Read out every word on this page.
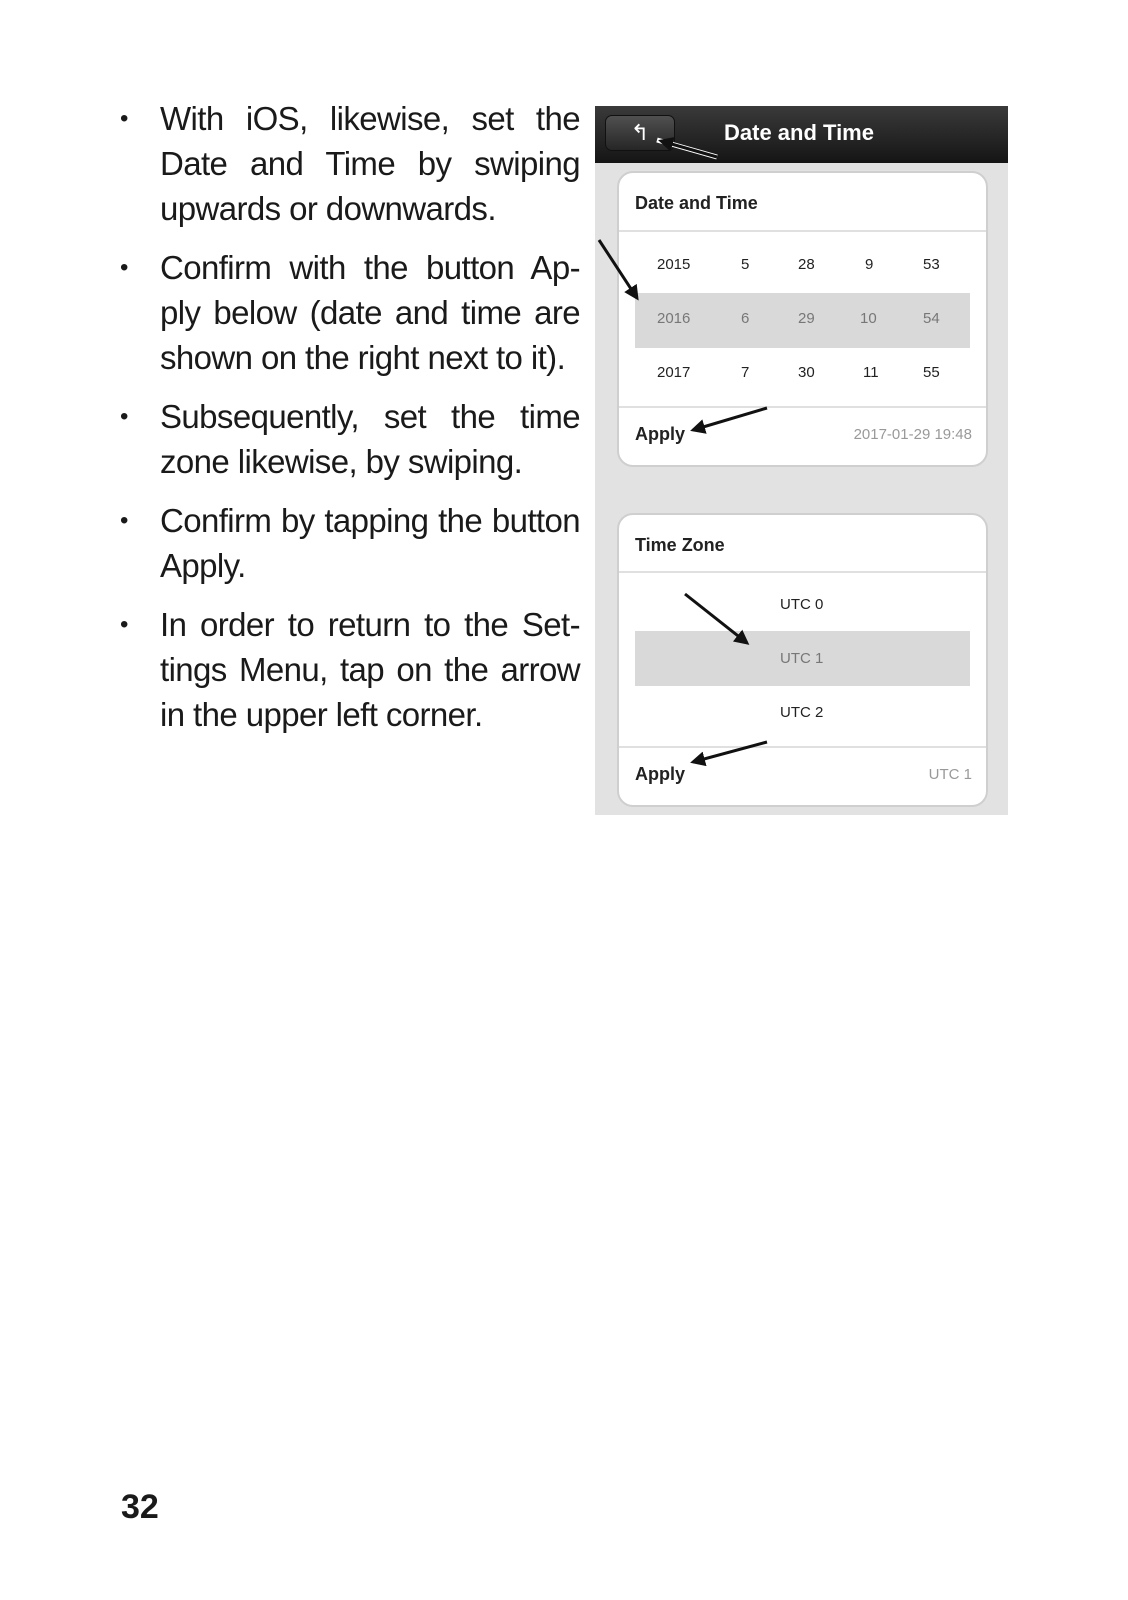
• With iOS, likewise, set the Date and Time by swiping upwards or downwards.
• Confirm with the button Ap-ply below (date and time are shown on the right next to it).
• Subsequently, set the time zone likewise, by swiping.
• Confirm by tapping the button Apply.
• In order to return to the Set-tings Menu, tap on the arrow in the upper left corner.
↰	Date and Time
Date and Time
2015	5	28	9	53
2016	6	29	10	54
2017	7	30	11	55
Apply	2017-01-29 19:48
Time Zone
UTC 0
UTC 1
UTC 2
Apply	UTC 1
32
